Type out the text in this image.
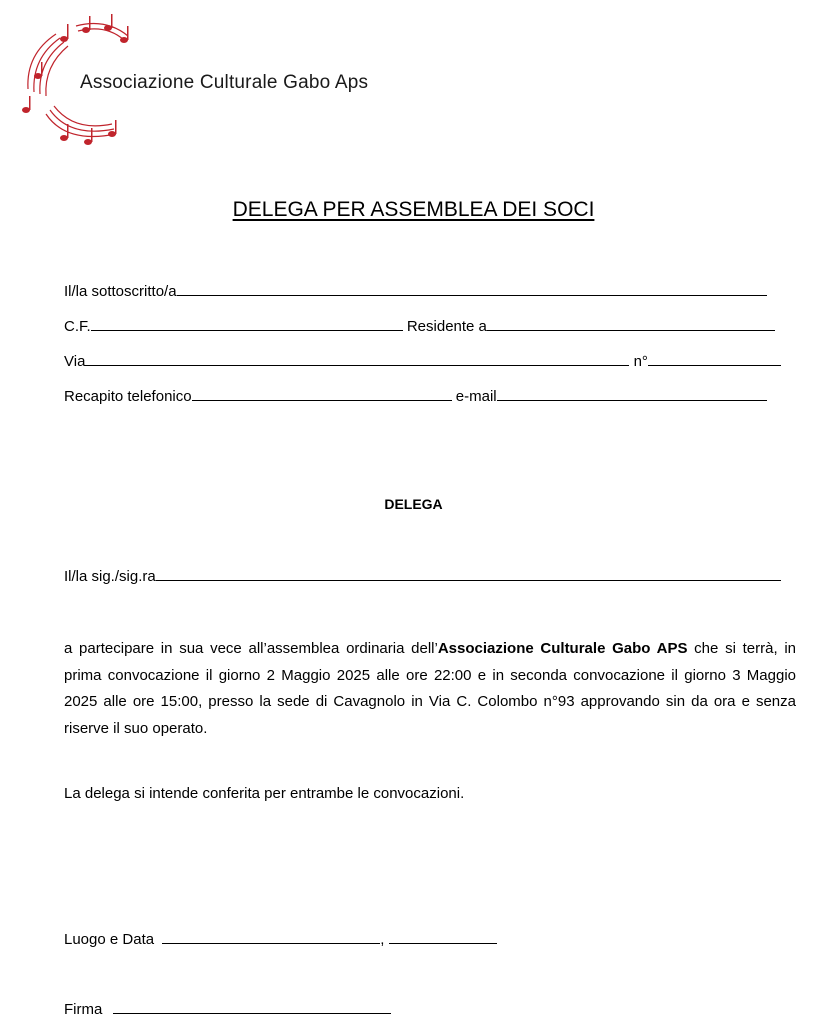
Associazione Culturale Gabo Aps
DELEGA PER ASSEMBLEA DEI SOCI
Il/la sottoscritto/a
C.F.	Residente a
Via	n°
Recapito telefonico	e-mail
DELEGA
Il/la sig./sig.ra
a partecipare in sua vece all’assemblea ordinaria dell’Associazione Culturale Gabo APS che si terrà, in prima convocazione il giorno 2 Maggio 2025 alle ore 22:00 e in seconda convocazione il giorno 3 Maggio 2025 alle ore 15:00, presso la sede di Cavagnolo in Via C. Colombo n°93 approvando sin da ora e senza riserve il suo operato.
La delega si intende conferita per entrambe le convocazioni.
Luogo e Data	,
Firma
